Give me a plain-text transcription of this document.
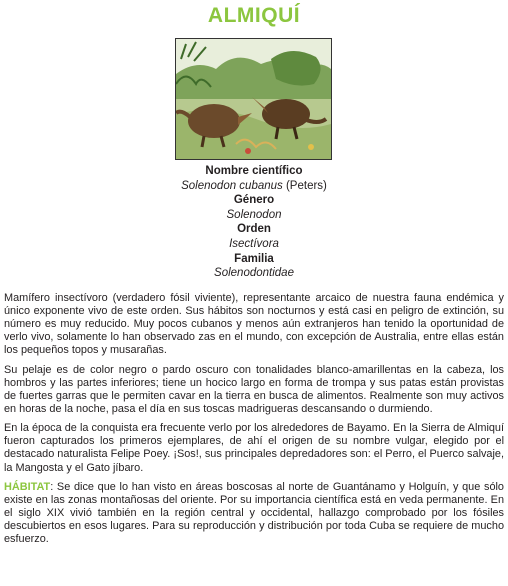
ALMIQUÍ
Nombre científico
Solenodon cubanus (Peters)
Género
Solenodon
Orden
Isectívora
Familia
Solenodontidae

Mamífero insectívoro (verdadero fósil viviente), representante arcaico de nuestra fauna endémica y único exponente vivo de este orden. Sus hábitos son nocturnos y está casi en peligro de extinción, su número es muy reducido. Muy pocos cubanos y menos aún extranjeros han tenido la oportunidad de verlo vivo, solamente lo han observado zas en el mundo, con excepción de Australia, entre ellas están los pequeños topos y musarañas.

Su pelaje es de color negro o pardo oscuro con tonalidades blanco-amarillentas en la cabeza, los hombros y las partes inferiores; tiene un hocico largo en forma de trompa y sus patas están provistas de fuertes garras que le permiten cavar en la tierra en busca de alimentos. Realmente son muy activos en horas de la noche, pasa el día en sus toscas madrigueras descansando o durmiendo.

En la época de la conquista era frecuente verlo por los alrededores de Bayamo. En la Sierra de Almiquí fueron capturados los primeros ejemplares, de ahí el origen de su nombre vulgar, elegido por el destacado naturalista Felipe Poey. ¡Sos!, sus principales depredadores son: el Perro, el Puerco salvaje, la Mangosta y el Gato jíbaro.

HÁBITAT: Se dice que lo han visto en áreas boscosas al norte de Guantánamo y Holguín, y que sólo existe en las zonas montañosas del oriente. Por su importancia científica está en veda permanente. En el siglo XIX vivió también en la región central y occidental, hallazgo comprobado por los fósiles descubiertos en esos lugares. Para su reproducción y distribución por toda Cuba se requiere de mucho esfuerzo.
